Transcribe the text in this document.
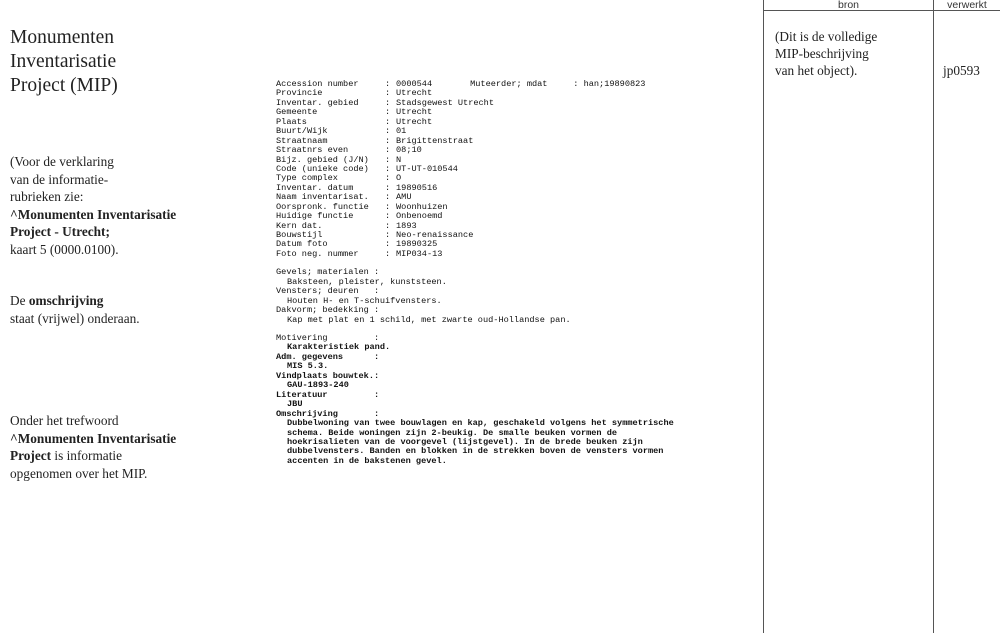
Monumenten
Inventarisatie
Project (MIP)
(Voor de verklaring
van de informatie-
rubrieken zie:
^Monumenten Inventarisatie
Project - Utrecht;
kaart 5 (0000.0100).
De omschrijving
staat (vrijwel) onderaan.
Onder het trefwoord
^Monumenten Inventarisatie
Project is informatie
opgenomen over het MIP.
Accession number	: 0000544	Muteerder; mdat     : han;19890823
Provincie	: Utrecht
Inventar. gebied	: Stadsgewest Utrecht
Gemeente	: Utrecht
Plaats	: Utrecht
Buurt/Wijk	: 01
Straatnaam	: Brigittenstraat
Straatnrs even	: 08;10
Bijz. gebied (J/N)	: N
Code (unieke code)	: UT-UT-010544
Type complex	: O
Inventar. datum	: 19890516
Naam inventarisat.	: AMU
Oorspronk. functie	: Woonhuizen
Huidige functie	: Onbenoemd
Kern dat.	: 1893
Bouwstijl	: Neo-renaissance
Datum foto	: 19890325
Foto neg. nummer	: MIP034-13
Gevels; materialen :
Baksteen, pleister, kunststeen.
Vensters; deuren   :
Houten H- en T-schuifvensters.
Dakvorm; bedekking :
Kap met plat en 1 schild, met zwarte oud-Hollandse pan.
Motivering         :
Karakteristiek pand.
Adm. gegevens      :
MIS 5.3.
Vindplaats bouwtek.:
GAU-1893-240
Literatuur         :
JBU
Omschrijving       :
Dubbelwoning van twee bouwlagen en kap, geschakeld volgens het symmetrische
schema. Beide woningen zijn 2-beukig. De smalle beuken vormen de
hoekrisalieten van de voorgevel (lijstgevel). In de brede beuken zijn
dubbelvensters. Banden en blokken in de strekken boven de vensters vormen
accenten in de bakstenen gevel.
bron	verwerkt
(Dit is de volledige
MIP-beschrijving
van het object).	jp0593
